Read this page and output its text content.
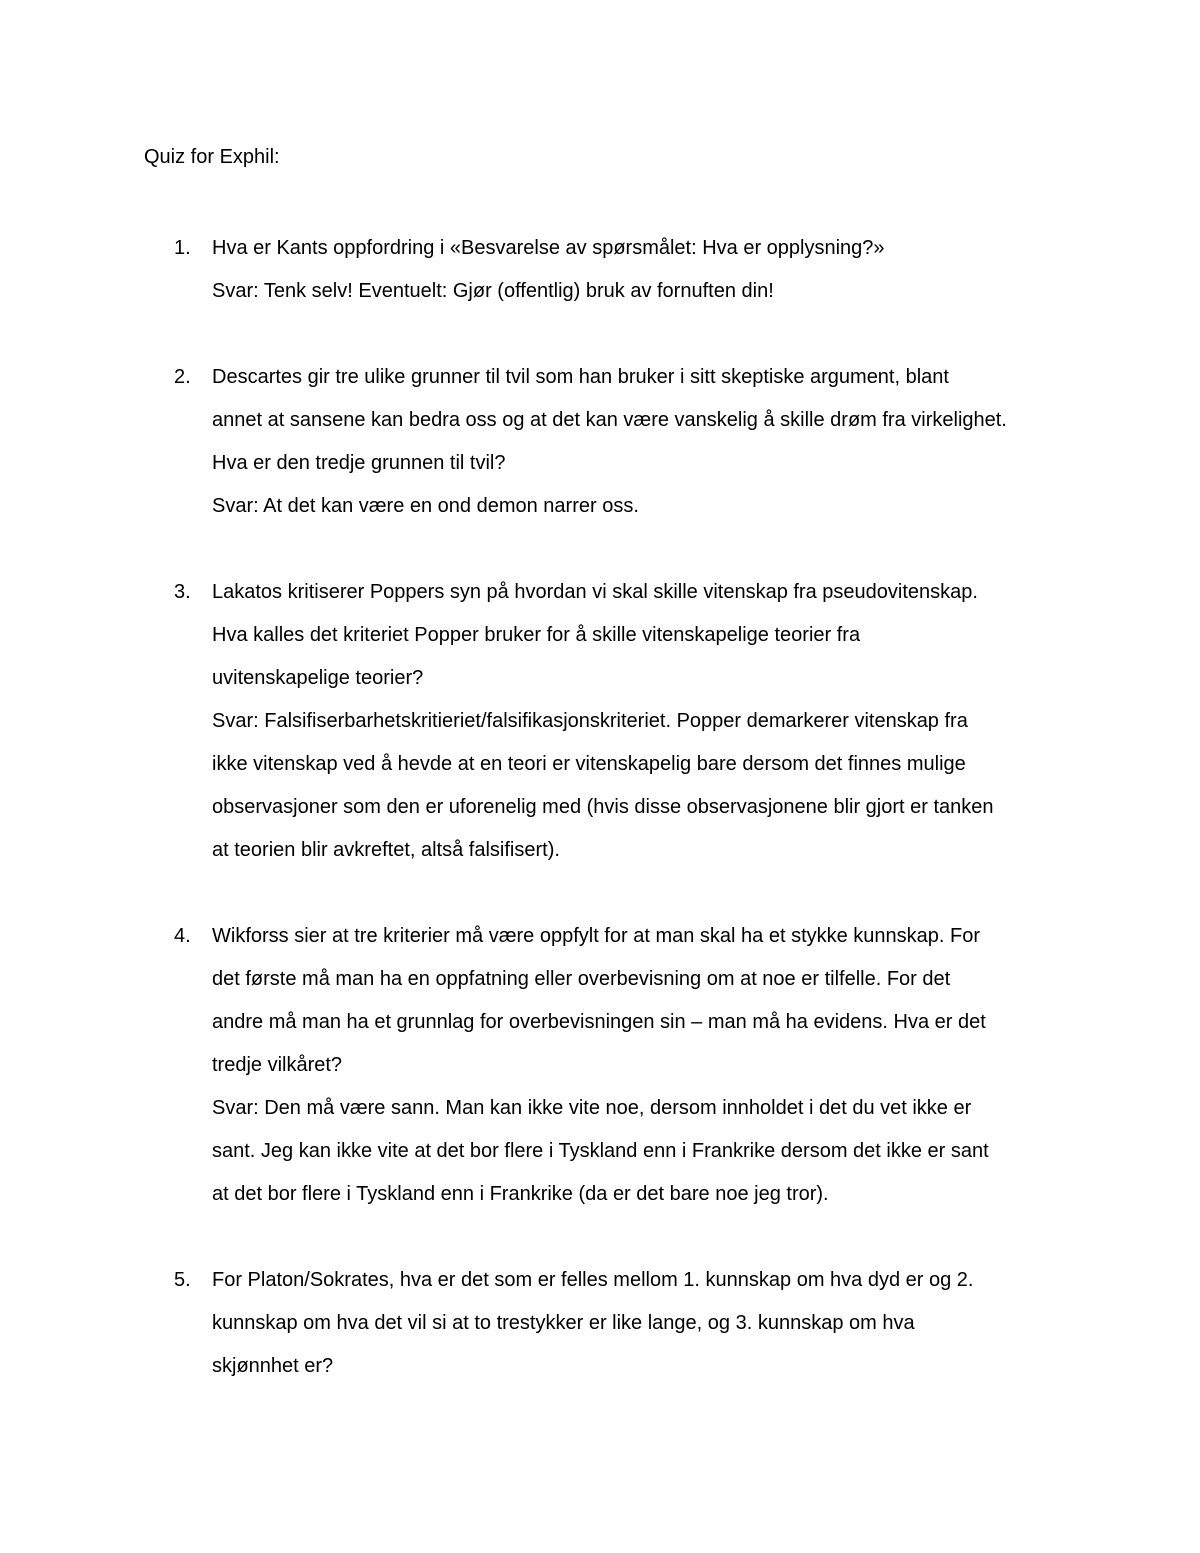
Quiz for Exphil:
1. Hva er Kants oppfordring i «Besvarelse av spørsmålet: Hva er opplysning?»
Svar: Tenk selv! Eventuelt: Gjør (offentlig) bruk av fornuften din!
2. Descartes gir tre ulike grunner til tvil som han bruker i sitt skeptiske argument, blant
annet at sansene kan bedra oss og at det kan være vanskelig å skille drøm fra virkelighet.
Hva er den tredje grunnen til tvil?
Svar: At det kan være en ond demon narrer oss.
3. Lakatos kritiserer Poppers syn på hvordan vi skal skille vitenskap fra pseudovitenskap.
Hva kalles det kriteriet Popper bruker for å skille vitenskapelige teorier fra
uvitenskapelige teorier?
Svar: Falsifiserbarhetskritieriet/falsifikasjonskriteriet. Popper demarkerer vitenskap fra
ikke vitenskap ved å hevde at en teori er vitenskapelig bare dersom det finnes mulige
observasjoner som den er uforenelig med (hvis disse observasjonene blir gjort er tanken
at teorien blir avkreftet, altså falsifisert).
4. Wikforss sier at tre kriterier må være oppfylt for at man skal ha et stykke kunnskap. For
det første må man ha en oppfatning eller overbevisning om at noe er tilfelle. For det
andre må man ha et grunnlag for overbevisningen sin – man må ha evidens. Hva er det
tredje vilkåret?
Svar: Den må være sann. Man kan ikke vite noe, dersom innholdet i det du vet ikke er
sant. Jeg kan ikke vite at det bor flere i Tyskland enn i Frankrike dersom det ikke er sant
at det bor flere i Tyskland enn i Frankrike (da er det bare noe jeg tror).
5. For Platon/Sokrates, hva er det som er felles mellom 1. kunnskap om hva dyd er og 2.
kunnskap om hva det vil si at to trestykker er like lange, og 3. kunnskap om hva
skjønnhet er?
